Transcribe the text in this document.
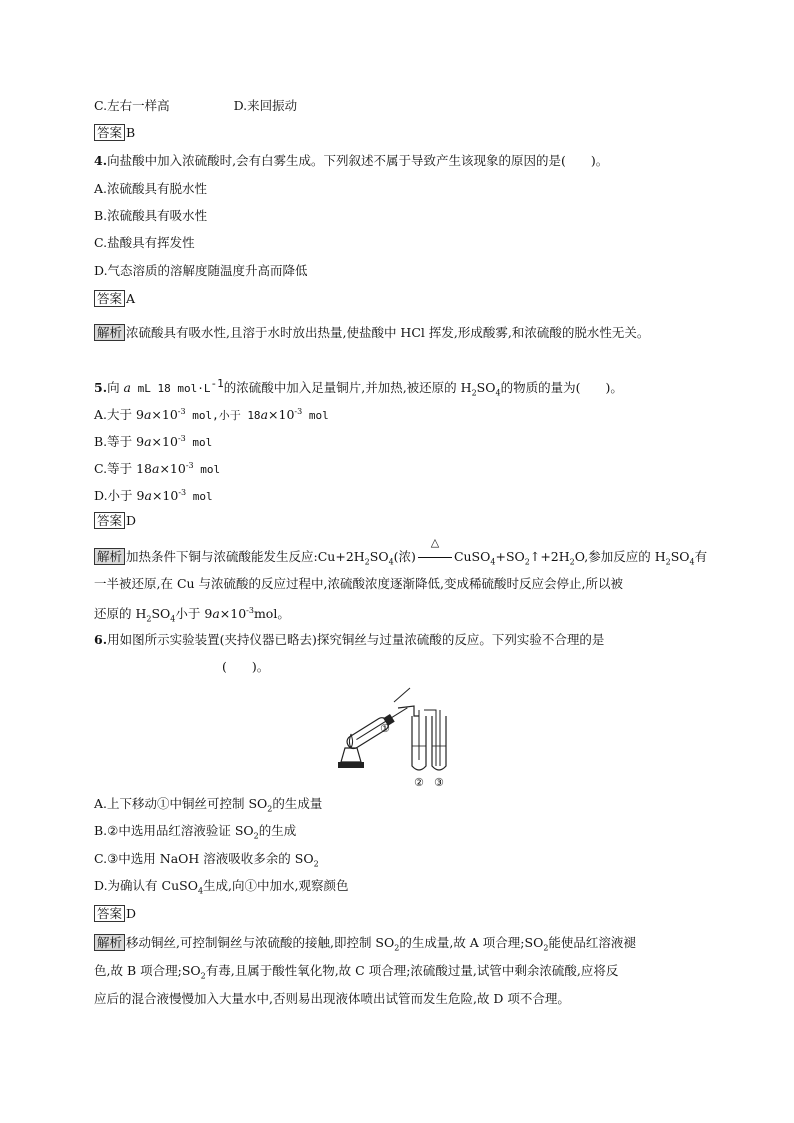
C.左右一样高	D.来回振动
答案 B
4.向盐酸中加入浓硫酸时,会有白雾生成。下列叙述不属于导致产生该现象的原因的是(　　)。
A.浓硫酸具有脱水性
B.浓硫酸具有吸水性
C.盐酸具有挥发性
D.气态溶质的溶解度随温度升高而降低
答案 A
解析 浓硫酸具有吸水性,且溶于水时放出热量,使盐酸中 HCl 挥发,形成酸雾,和浓硫酸的脱水性无关。
5.向 a mL 18 $mol\cdot L^{-1}$的浓硫酸中加入足量铜片,并加热,被还原的 $H_2SO_4$的物质的量为(　　)。
A.大于 $9a\times 10^{-3}$ mol,小于 $18a\times 10^{-3}$ mol
B.等于 $9a\times 10^{-3}$ mol
C.等于 $18a\times 10^{-3}$ mol
D.小于 $9a\times 10^{-3}$ mol
答案 D
解析 加热条件下铜与浓硫酸能发生反应$:Cu+2H_2SO_4$(浓)
△
$CuSO_4+SO_2↑+2H_2O$,参加反应的 $H_2SO_4$有
一半被还原,在 Cu 与浓硫酸的反应过程中,浓硫酸浓度逐渐降低,变成稀硫酸时反应会停止,所以被
还原的 $H_2SO_4$小于 $9a\times 10^{-3}mol$。
6.用如图所示实验装置(夹持仪器已略去)探究铜丝与过量浓硫酸的反应。下列实验不合理的是
(　　)。
①
② ③
A.上下移动①中铜丝可控制 $SO_2$的生成量
B.②中选用品红溶液验证 $SO_2$的生成
C.③中选用 NaOH 溶液吸收多余的 $SO_2$
D.为确认有 CuSO$_4$生成,向①中加水,观察颜色
答案 D
解析 移动铜丝,可控制铜丝与浓硫酸的接触,即控制 $SO_2$的生成量,故 A 项合理$;SO_2$能使品红溶液褪
色,故 B 项合理$;SO_2$有毒,且属于酸性氧化物,故 C 项合理;浓硫酸过量,试管中剩余浓硫酸,应将反
应后的混合液慢慢加入大量水中,否则易出现液体喷出试管而发生危险,故 D 项不合理。
